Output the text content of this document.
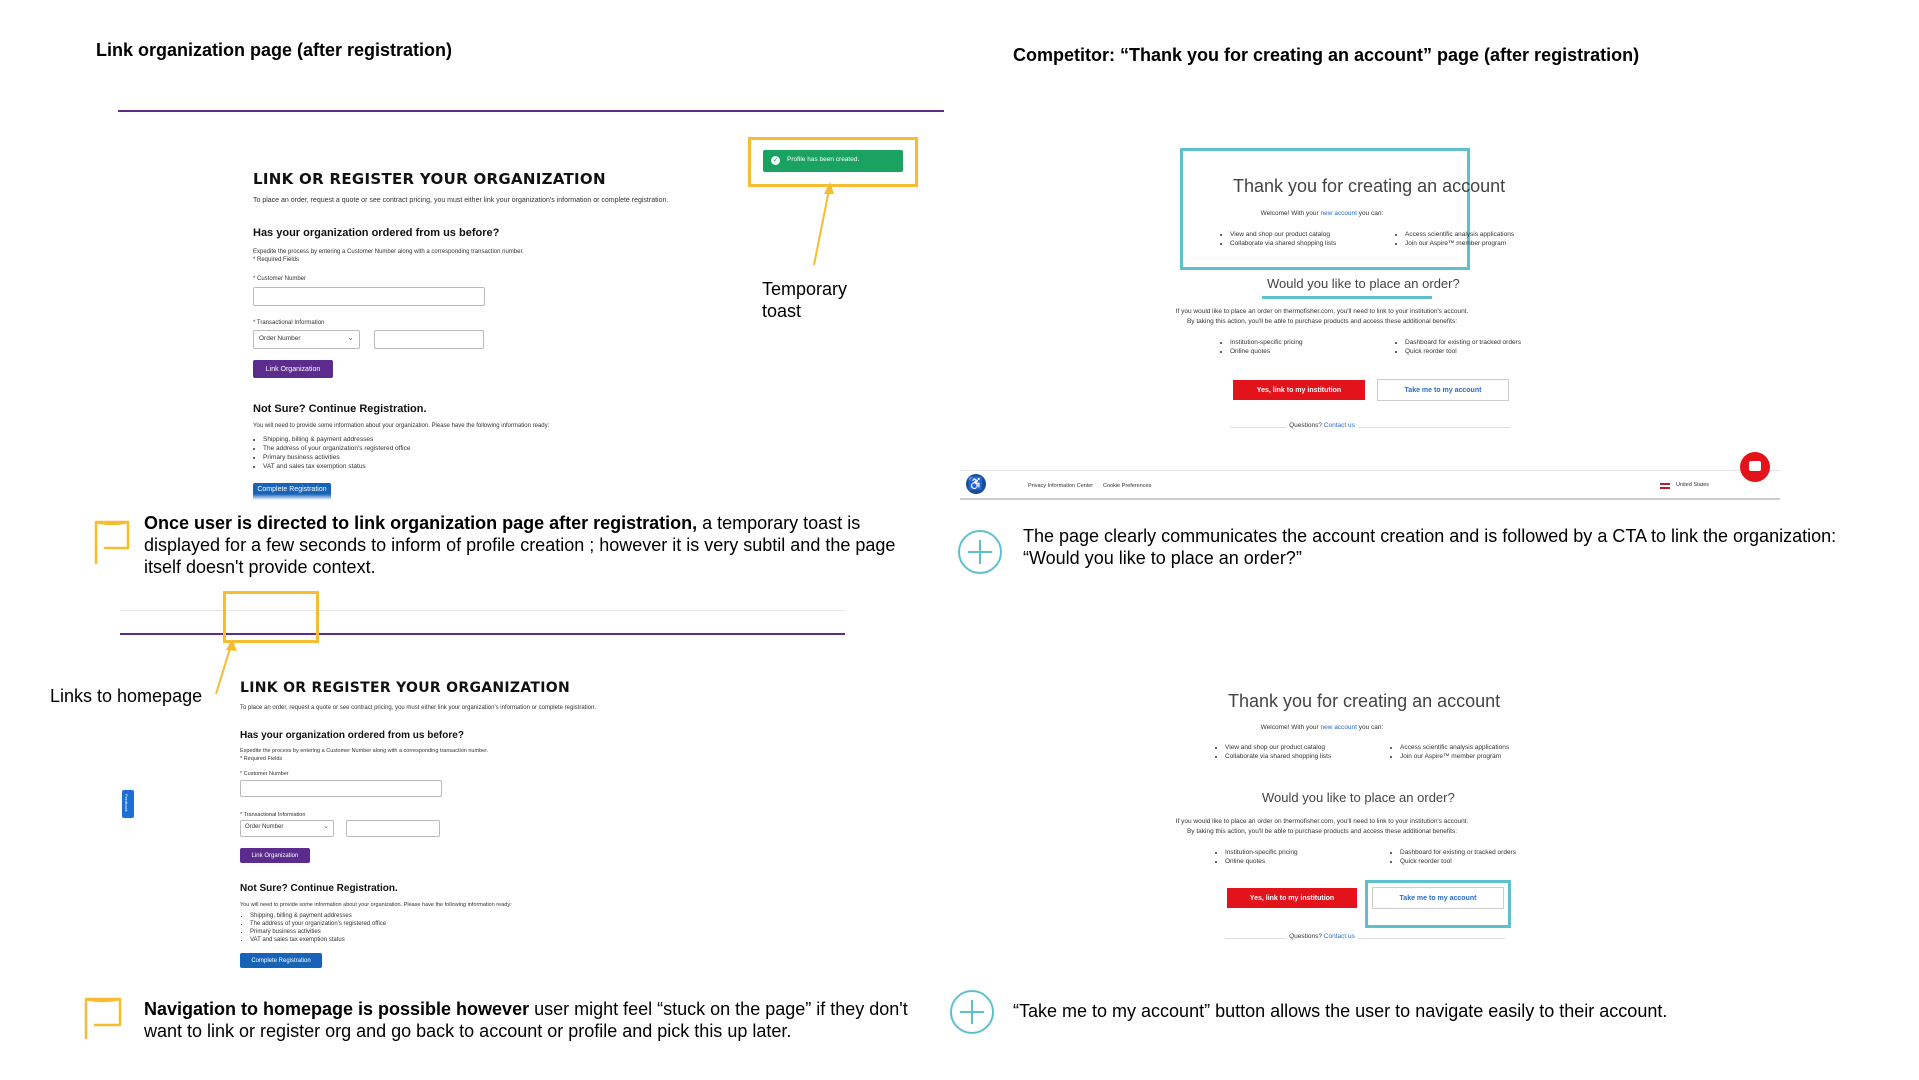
Link organization page (after registration)
LINK OR REGISTER YOUR ORGANIZATION
To place an order, request a quote or see contract pricing, you must either link your organization's information or complete registration.
Has your organization ordered from us before?
Expedite the process by entering a Customer Number along with a corresponding transaction number.
* Required Fields
* Customer Number
* Transactional Information
Order Number	⌄
Link Organization
Not Sure? Continue Registration.
You will need to provide some information about your organization. Please have the following information ready:
• Shipping, billing & payment addresses
• The address of your organization's registered office
• Primary business activities
• VAT and sales tax exemption status
Complete Registration
✓ Profile has been created.
Temporary toast
Once user is directed to link organization page after registration, a temporary toast is displayed for a few seconds to inform of profile creation ; however it is very subtil and the page itself doesn't provide context.
Feedback
LINK OR REGISTER YOUR ORGANIZATION
To place an order, request a quote or see contract pricing, you must either link your organization's information or complete registration.
Has your organization ordered from us before?
Expedite the process by entering a Customer Number along with a corresponding transaction number.
* Required Fields
* Customer Number
* Transactional Information
Order Number	⌄
Link Organization
Not Sure? Continue Registration.
You will need to provide some information about your organization. Please have the following information ready:
• Shipping, billing & payment addresses
• The address of your organization's registered office
• Primary business activities
• VAT and sales tax exemption status
Complete Registration
Links to homepage
Navigation to homepage is possible however user might feel “stuck on the page” if they don't want to link or register org and go back to account or profile and pick this up later.
Competitor: “Thank you for creating an account” page (after registration)
Thank you for creating an account
Welcome! With your new account you can:
• View and shop our product catalog
• Collaborate via shared shopping lists
• Access scientific analysis applications
• Join our Aspire™ member program
Would you like to place an order?
If you would like to place an order on thermofisher.com, you'll need to link to your institution's account.
By taking this action, you'll be able to purchase products and access these additional benefits:
• Institution-specific pricing
• Online quotes
• Dashboard for existing or tracked orders
• Quick reorder tool
Yes, link to my institution	Take me to my account
Questions? Contact us
♿	Privacy Information Center Cookie Preferences	United States
The page clearly communicates the account creation and is followed by a CTA to link the organization: “Would you like to place an order?”
Thank you for creating an account
Welcome! With your new account you can:
• View and shop our product catalog
• Collaborate via shared shopping lists
• Access scientific analysis applications
• Join our Aspire™ member program
Would you like to place an order?
If you would like to place an order on thermofisher.com, you'll need to link to your institution's account.
By taking this action, you'll be able to purchase products and access these additional benefits:
• Institution-specific pricing
• Online quotes
• Dashboard for existing or tracked orders
• Quick reorder tool
Yes, link to my institution	Take me to my account
Questions? Contact us
“Take me to my account” button allows the user to navigate easily to their account.
